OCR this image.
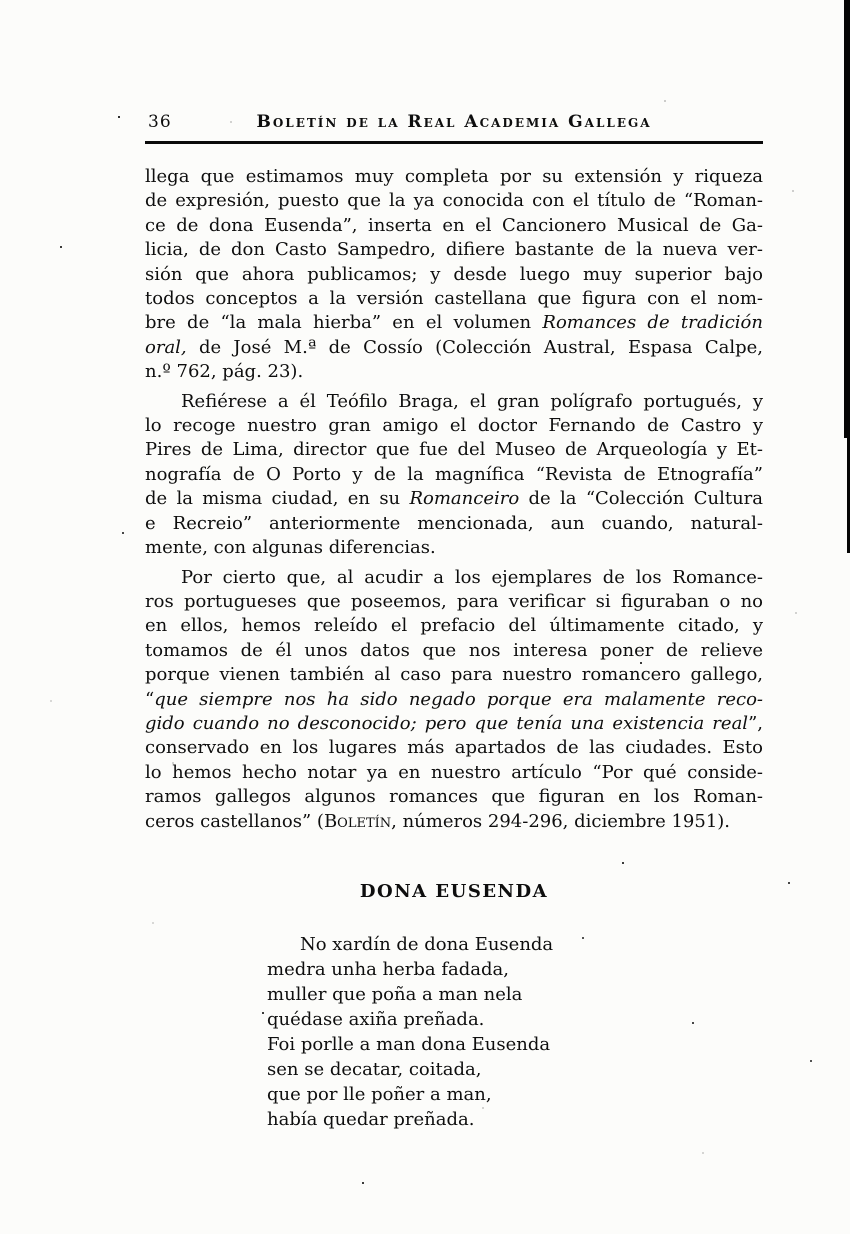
36	Boletín de la Real Academia Gallega
llega que estimamos muy completa por su extensión y riqueza
de expresión, puesto que la ya conocida con el título de “Roman-
ce de dona Eusenda”, inserta en el Cancionero Musical de Ga-
licia, de don Casto Sampedro, difiere bastante de la nueva ver-
sión que ahora publicamos; y desde luego muy superior bajo
todos conceptos a la versión castellana que figura con el nom-
bre de “la mala hierba” en el volumen Romances de tradición
oral, de José M.ª de Cossío (Colección Austral, Espasa Calpe,
n.º 762, pág. 23).
Refiérese a él Teófilo Braga, el gran polígrafo portugués, y
lo recoge nuestro gran amigo el doctor Fernando de Castro y
Pires de Lima, director que fue del Museo de Arqueología y Et-
nografía de O Porto y de la magnífica “Revista de Etnografía”
de la misma ciudad, en su Romanceiro de la “Colección Cultura
e Recreio” anteriormente mencionada, aun cuando, natural-
mente, con algunas diferencias.
Por cierto que, al acudir a los ejemplares de los Romance-
ros portugueses que poseemos, para verificar si figuraban o no
en ellos, hemos releído el prefacio del últimamente citado, y
tomamos de él unos datos que nos interesa poner de relieve
porque vienen también al caso para nuestro romancero gallego,
“que siempre nos ha sido negado porque era malamente reco-
gido cuando no desconocido; pero que tenía una existencia real”,
conservado en los lugares más apartados de las ciudades. Esto
lo hemos hecho notar ya en nuestro artículo “Por qué conside-
ramos gallegos algunos romances que figuran en los Roman-
ceros castellanos” (Boletín, números 294-296, diciembre 1951).
DONA EUSENDA
No xardín de dona Eusenda
medra unha herba fadada,
muller que poña a man nela
quédase axiña preñada.
Foi porlle a man dona Eusenda
sen se decatar, coitada,
que por lle poñer a man,
había quedar preñada.
